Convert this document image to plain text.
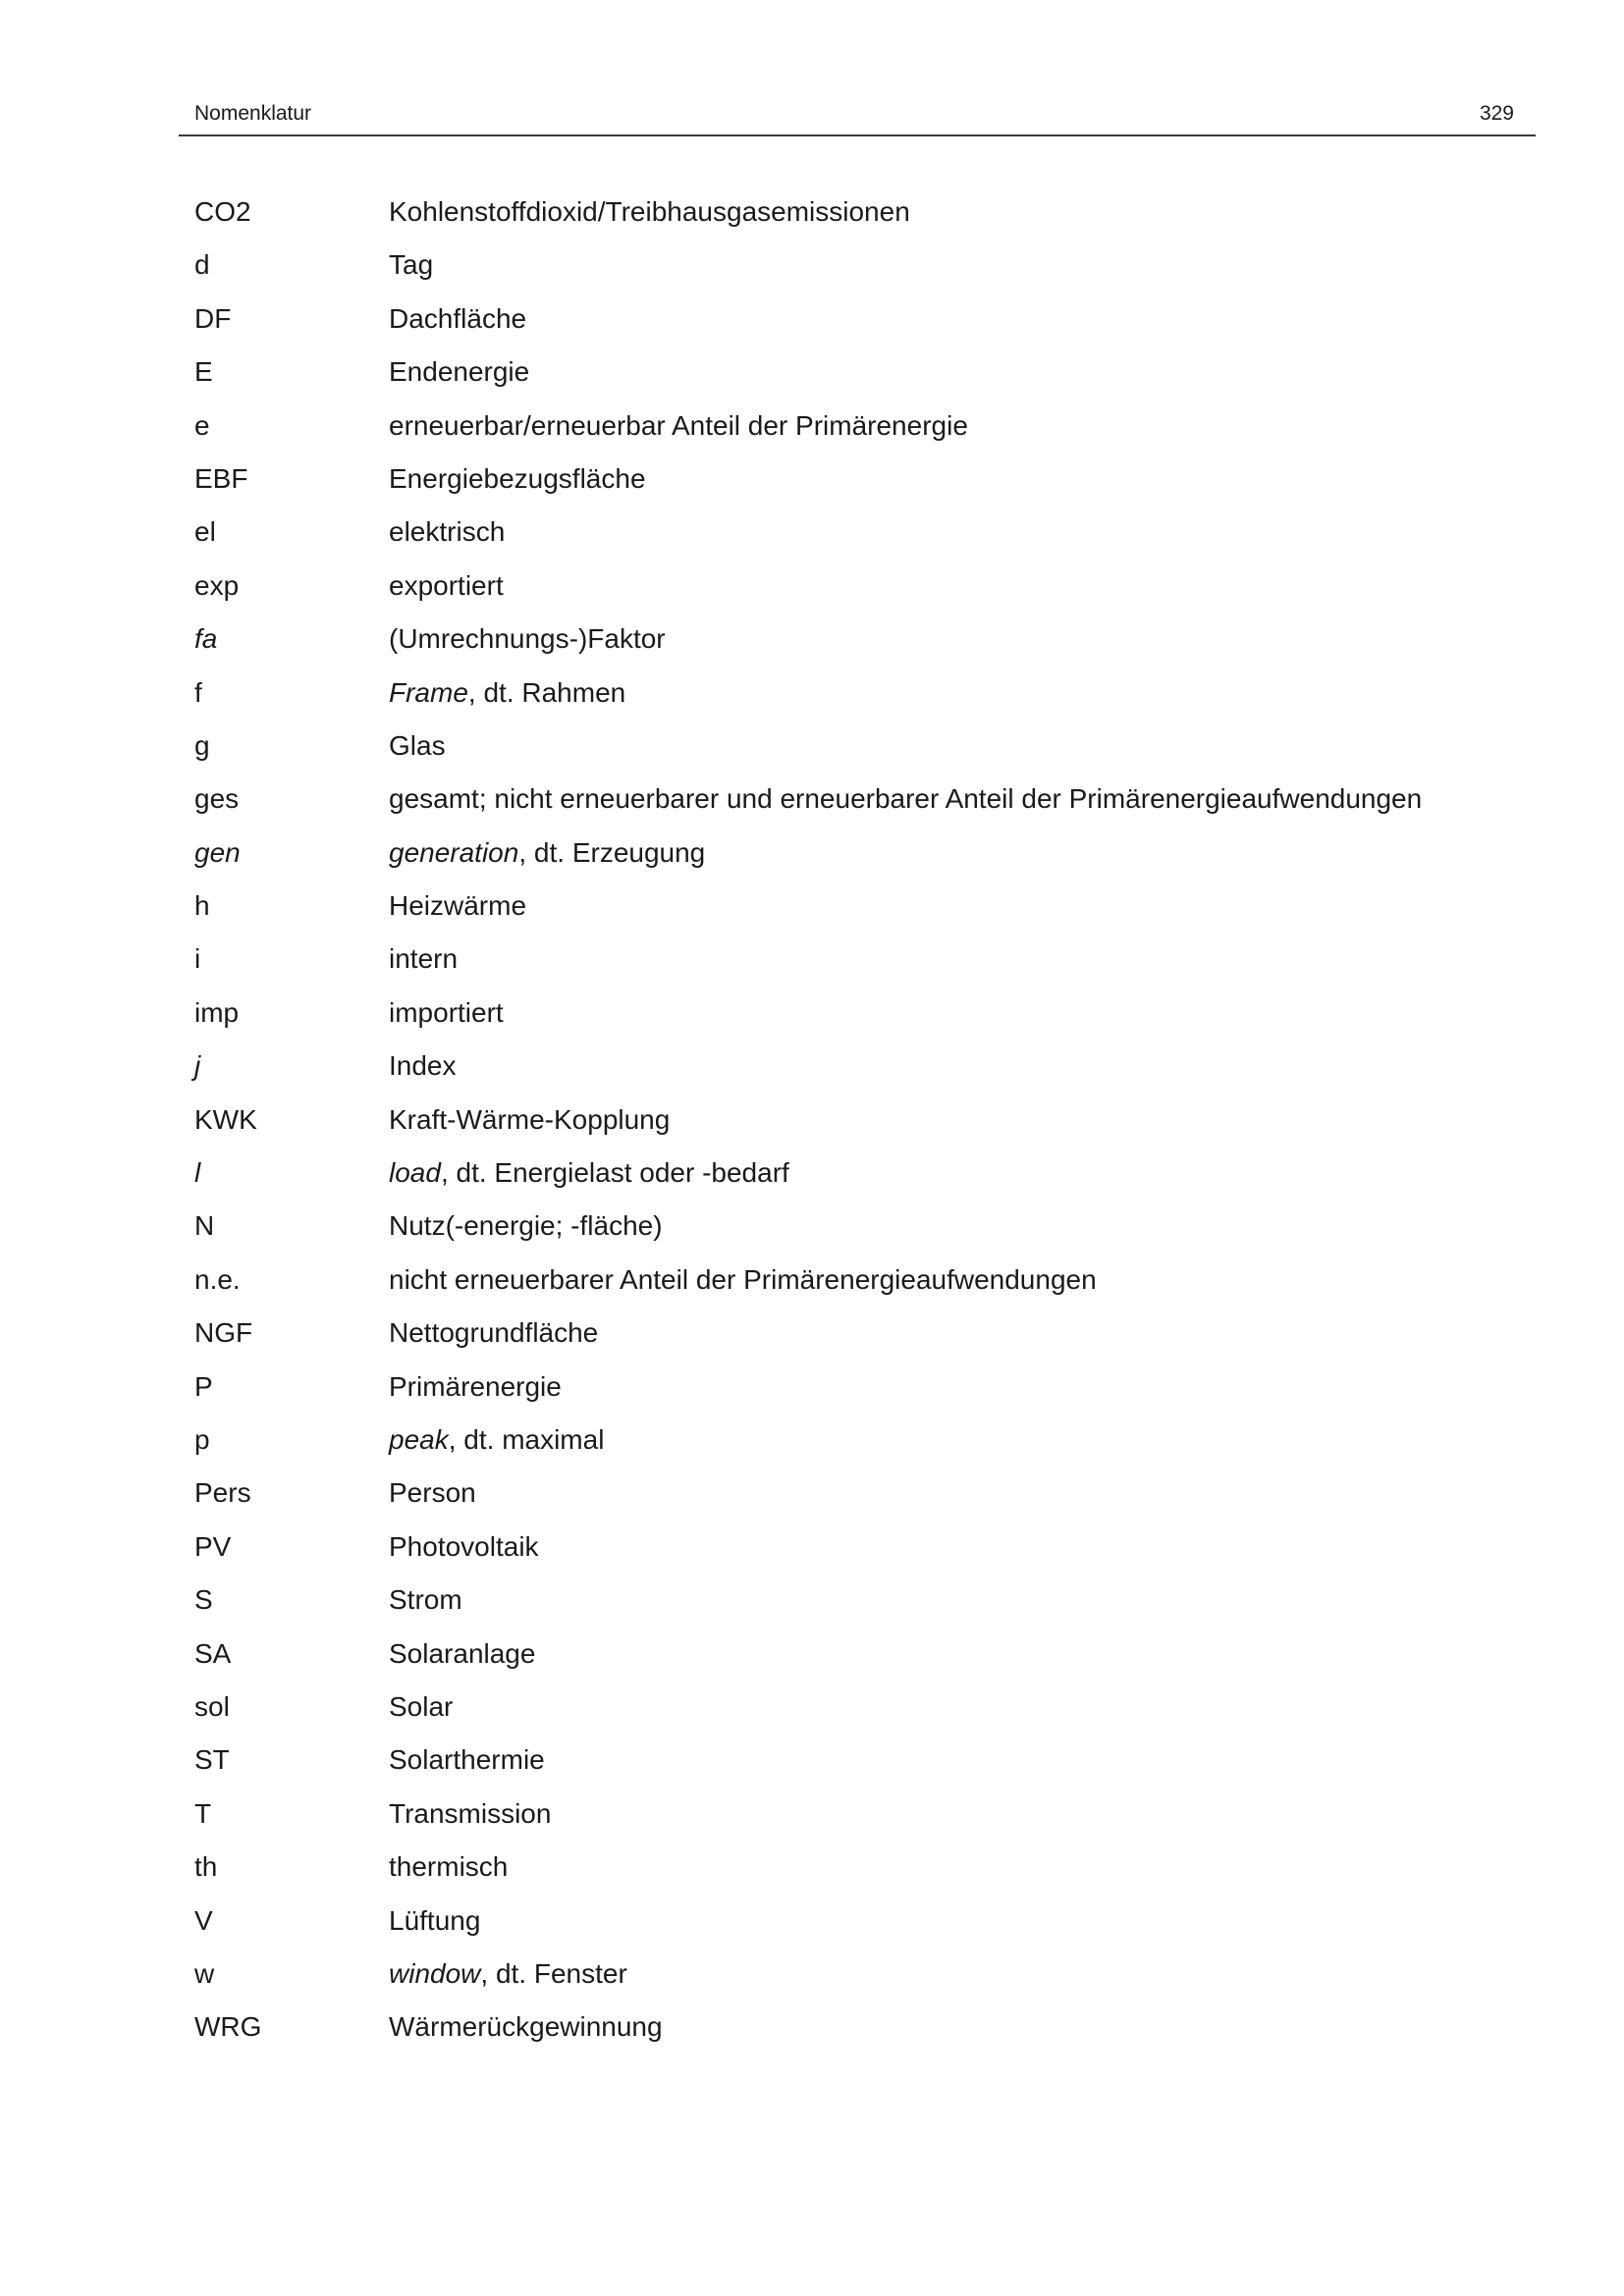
Nomenklatur	329
CO2	Kohlenstoffdioxid/Treibhausgasemissionen
d	Tag
DF	Dachfläche
E	Endenergie
e	erneuerbar/erneuerbar Anteil der Primärenergie
EBF	Energiebezugsfläche
el	elektrisch
exp	exportiert
fa	(Umrechnungs-)Faktor
f	Frame, dt. Rahmen
g	Glas
ges	gesamt; nicht erneuerbarer und erneuerbarer Anteil der Primärenergieaufwendungen
gen	generation, dt. Erzeugung
h	Heizwärme
i	intern
imp	importiert
j	Index
KWK	Kraft-Wärme-Kopplung
l	load, dt. Energielast oder -bedarf
N	Nutz(-energie; -fläche)
n.e.	nicht erneuerbarer Anteil der Primärenergieaufwendungen
NGF	Nettogrundfläche
P	Primärenergie
p	peak, dt. maximal
Pers	Person
PV	Photovoltaik
S	Strom
SA	Solaranlage
sol	Solar
ST	Solarthermie
T	Transmission
th	thermisch
V	Lüftung
w	window, dt. Fenster
WRG	Wärmerückgewinnung
